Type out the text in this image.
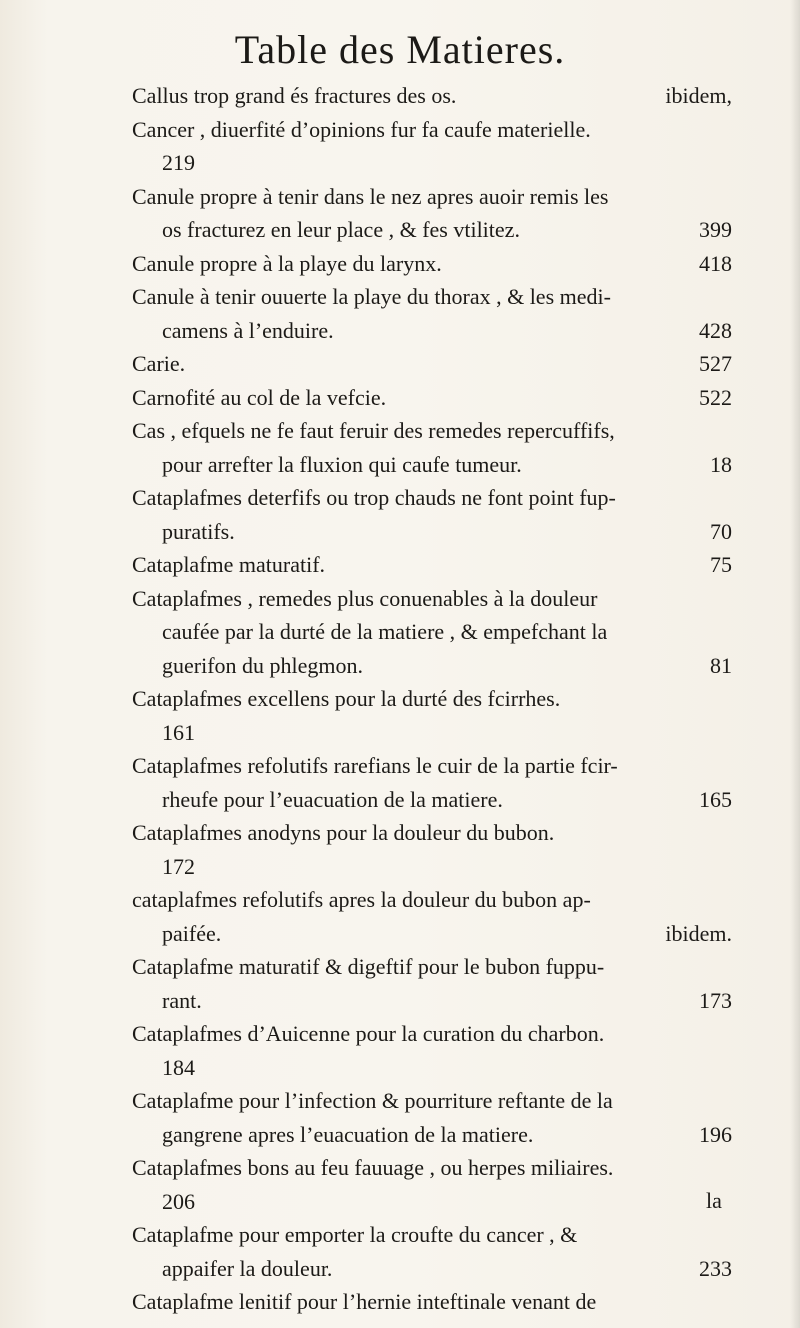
Table des Matieres.
Callus trop grand és fractures des os.	ibidem,
Cancer , diuerfité d’opinions fur fa caufe materielle.
219
Canule propre à tenir dans le nez apres auoir remis les
os fracturez en leur place , & fes vtilitez.	399
Canule propre à la playe du larynx.	418
Canule à tenir ouuerte la playe du thorax , & les medi-
camens à l’enduire.	428
Carie.	527
Carnofité au col de la vefcie.	522
Cas , efquels ne fe faut feruir des remedes repercuffifs,
pour arrefter la fluxion qui caufe tumeur.	18
Cataplafmes deterfifs ou trop chauds ne font point fup-
puratifs.	70
Cataplafme maturatif.	75
Cataplafmes , remedes plus conuenables à la douleur
caufée par la durté de la matiere , & empefchant la
guerifon du phlegmon.	81
Cataplafmes excellens pour la durté des fcirrhes.
161
Cataplafmes refolutifs rarefians le cuir de la partie fcir-
rheufe pour l’euacuation de la matiere.	165
Cataplafmes anodyns pour la douleur du bubon.
172
cataplafmes refolutifs apres la douleur du bubon ap-
paifée.	ibidem.
Cataplafme maturatif & digeftif pour le bubon fuppu-
rant.	173
Cataplafmes d’Auicenne pour la curation du charbon.
184
Cataplafme pour l’infection & pourriture reftante de la
gangrene apres l’euacuation de la matiere.	196
Cataplafmes bons au feu fauuage , ou herpes miliaires.
206
Cataplafme pour emporter la croufte du cancer , &
appaifer la douleur.	233
Cataplafme lenitif pour l’hernie inteftinale venant de
la
